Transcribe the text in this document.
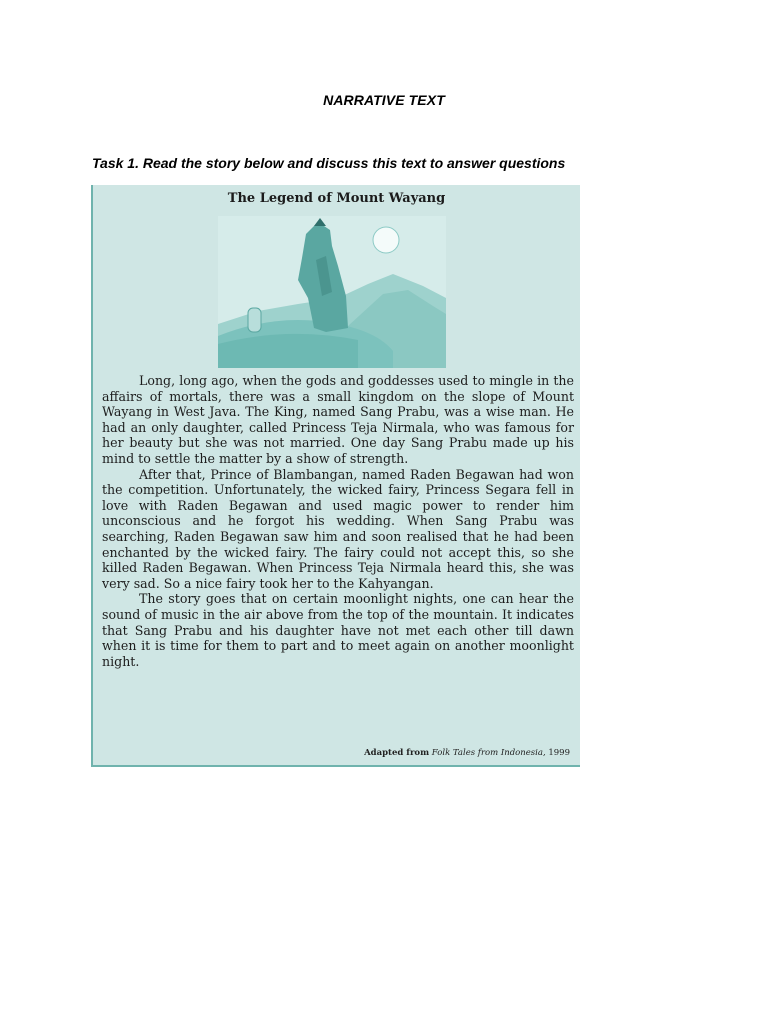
NARRATIVE TEXT
Task 1. Read the story below and discuss this text to answer questions
The Legend of Mount Wayang

Long, long ago, when the gods and goddesses used to mingle in the affairs of mortals, there was a small kingdom on the slope of Mount Wayang in West Java. The King, named Sang Prabu, was a wise man. He had an only daughter, called Princess Teja Nirmala, who was famous for her beauty but she was not married. One day Sang Prabu made up his mind to settle the matter by a show of strength.

After that, Prince of Blambangan, named Raden Begawan had won the competition. Unfortunately, the wicked fairy, Princess Segara fell in love with Raden Begawan and used magic power to render him unconscious and he forgot his wedding. When Sang Prabu was searching, Raden Begawan saw him and soon realised that he had been enchanted by the wicked fairy. The fairy could not accept this, so she killed Raden Begawan. When Princess Teja Nirmala heard this, she was very sad. So a nice fairy took her to the Kahyangan.

The story goes that on certain moonlight nights, one can hear the sound of music in the air above from the top of the mountain. It indicates that Sang Prabu and his daughter have not met each other till dawn when it is time for them to part and to meet again on another moonlight night.

Adapted from Folk Tales from Indonesia, 1999
